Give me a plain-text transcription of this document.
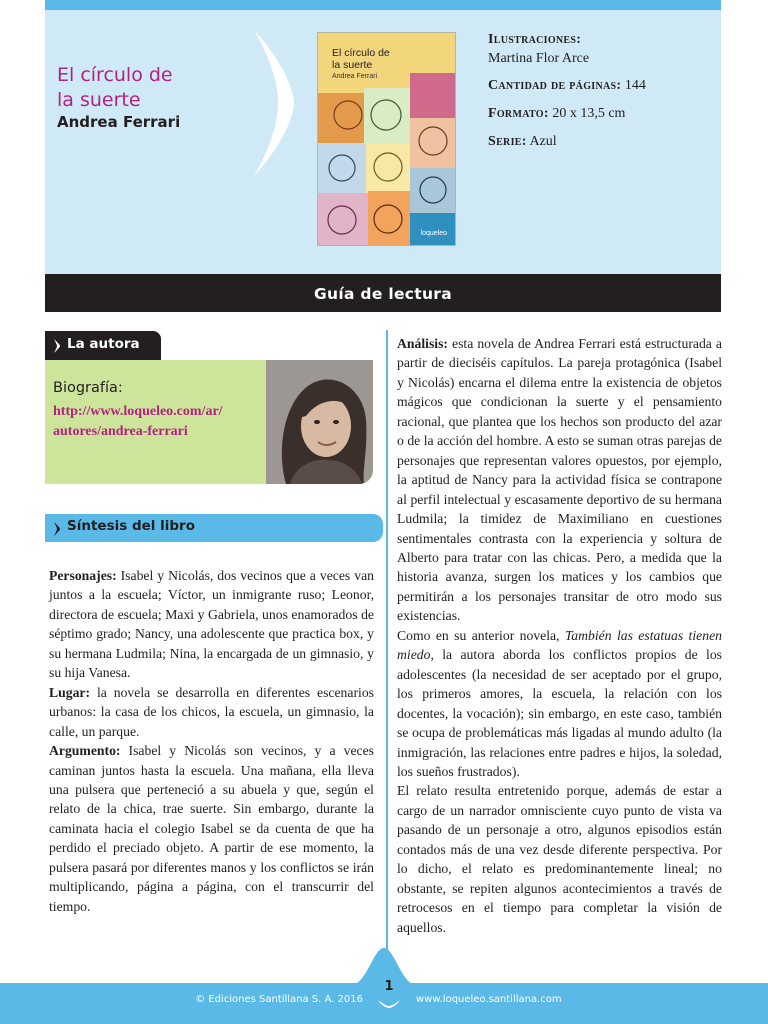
El círculo de
la suerte
Andrea Ferrari
El círculo de
la suerte
Andrea Ferrari
loqueleo
Ilustraciones:
Martina Flor Arce
Cantidad de páginas: 144
Formato: 20 x 13,5 cm
Serie: Azul
Guía de lectura
La autora
Biografía:
http://www.loqueleo.com/ar/
autores/andrea-ferrari
Síntesis del libro

Personajes: Isabel y Nicolás, dos vecinos que a veces van juntos a la escuela; Víctor, un inmigrante ruso; Leonor, directora de escuela; Maxi y Gabriela, unos enamorados de séptimo grado; Nancy, una adolescente que practica box, y su hermana Ludmila; Nina, la encargada de un gimnasio, y su hija Vanesa.

Lugar: la novela se desarrolla en diferentes escenarios urbanos: la casa de los chicos, la escuela, un gimnasio, la calle, un parque.

Argumento: Isabel y Nicolás son vecinos, y a veces caminan juntos hasta la escuela. Una mañana, ella lleva una pulsera que perteneció a su abuela y que, según el relato de la chica, trae suerte. Sin embargo, durante la caminata hacia el colegio Isabel se da cuenta de que ha perdido el preciado objeto. A partir de ese momento, la pulsera pasará por diferentes manos y los conflictos se irán multiplicando, página a página, con el transcurrir del tiempo.

Análisis: esta novela de Andrea Ferrari está estructurada a partir de dieciséis capítulos. La pareja protagónica (Isabel y Nicolás) encarna el dilema entre la existencia de objetos mágicos que condicionan la suerte y el pensamiento racional, que plantea que los hechos son producto del azar o de la acción del hombre. A esto se suman otras parejas de personajes que representan valores opuestos, por ejemplo, la aptitud de Nancy para la actividad física se contrapone al perfil intelectual y escasamente deportivo de su hermana Ludmila; la timidez de Maximiliano en cuestiones sentimentales contrasta con la experiencia y soltura de Alberto para tratar con las chicas. Pero, a medida que la historia avanza, surgen los matices y los cambios que permitirán a los personajes transitar de otro modo sus existencias.

Como en su anterior novela, También las estatuas tienen miedo, la autora aborda los conflictos propios de los adolescentes (la necesidad de ser aceptado por el grupo, los primeros amores, la escuela, la relación con los docentes, la vocación); sin embargo, en este caso, también se ocupa de problemáticas más ligadas al mundo adulto (la inmigración, las relaciones entre padres e hijos, la soledad, los sueños frustrados).

El relato resulta entretenido porque, además de estar a cargo de un narrador omnisciente cuyo punto de vista va pasando de un personaje a otro, algunos episodios están contados más de una vez desde diferente perspectiva. Por lo dicho, el relato es predominantemente lineal; no obstante, se repiten algunos acontecimientos a través de retrocesos en el tiempo para completar la visión de aquellos.

© Ediciones Santillana S. A. 2016
1
www.loqueleo.santillana.com
